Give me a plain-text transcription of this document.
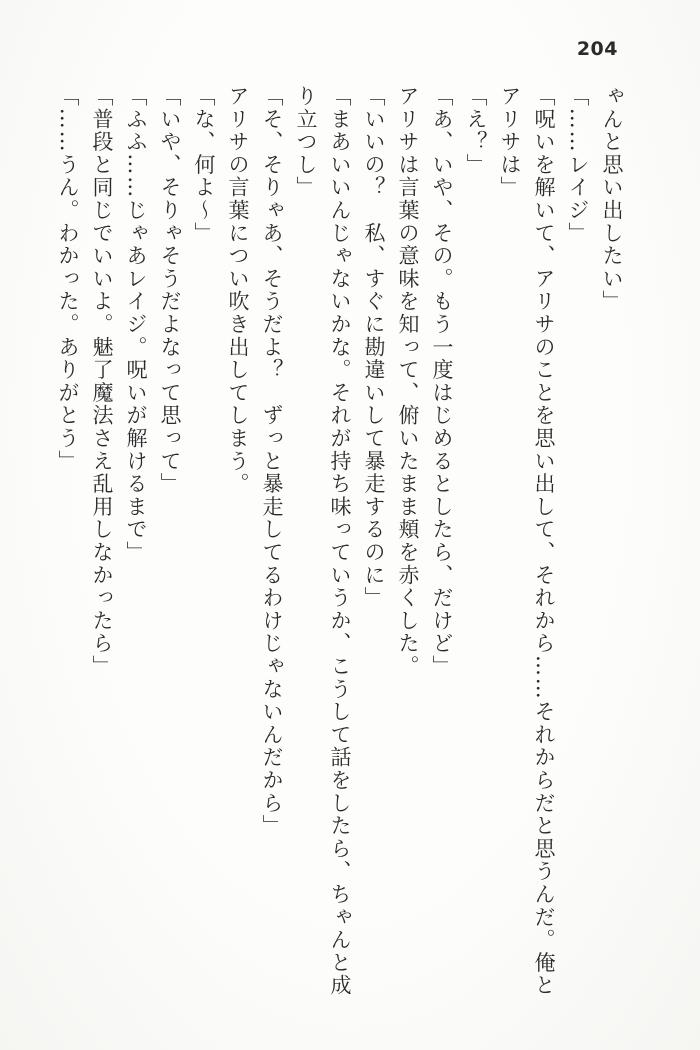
204

ゃんと思い出したい」

「……レイジ」

「呪いを解いて、アリサのことを思い出して、それから……それからだと思うんだ。俺と

アリサは」

「え？」

「あ、いや、その。もう一度はじめるとしたら、だけど」

アリサは言葉の意味を知って、俯いたまま頬を赤くした。

「いいの？　私、すぐに勘違いして暴走するのに」

「まあいいんじゃないかな。それが持ち味っていうか、こうして話をしたら、ちゃんと成

り立つし」

「そ、そりゃあ、そうだよ？　ずっと暴走してるわけじゃないんだから」

アリサの言葉につい吹き出してしまう。

「な、何よ～」

「いや、そりゃそうだよなって思って」

「ふふ……じゃあレイジ。呪いが解けるまで」

「普段と同じでいいよ。魅了魔法さえ乱用しなかったら」

「……うん。わかった。ありがとう」
